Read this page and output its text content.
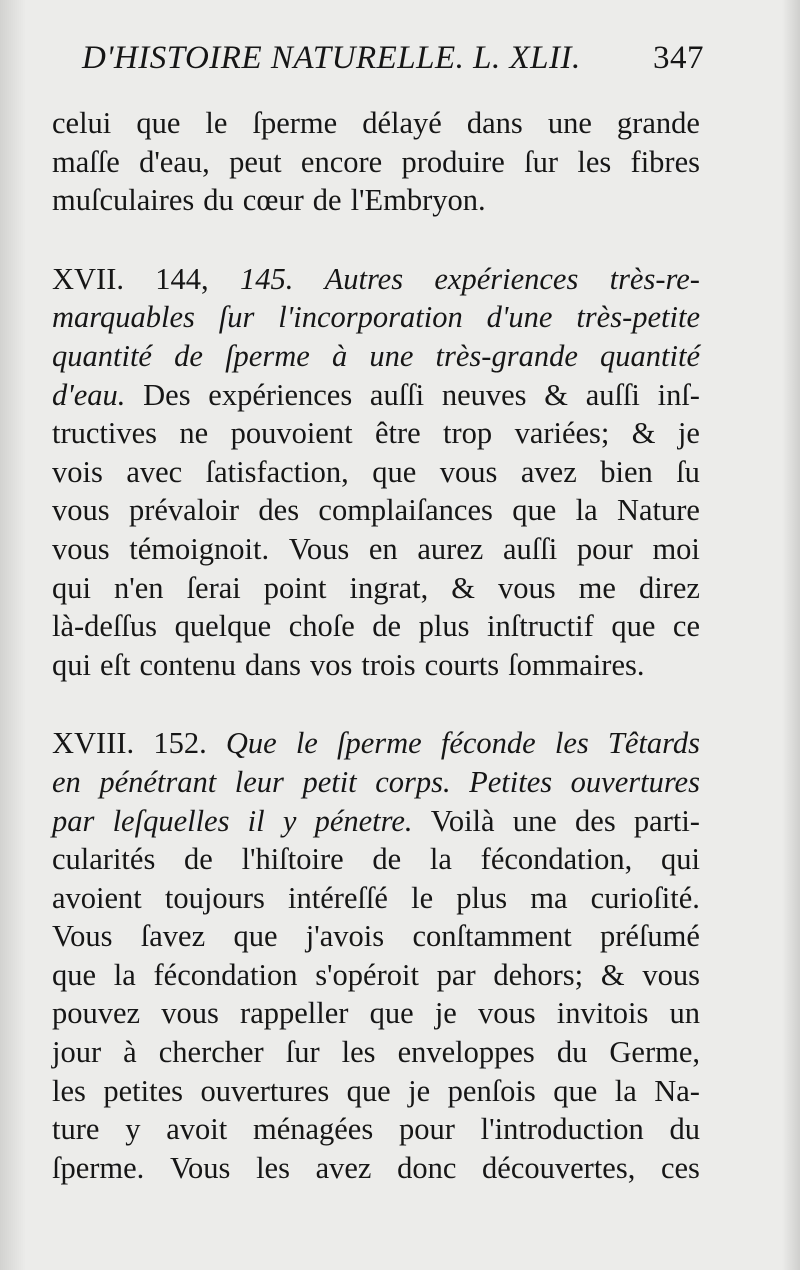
D'HISTOIRE NATURELLE. L. XLII. 347
celui que le ſperme délayé dans une grande
maſſe d'eau, peut encore produire ſur les fibres
muſculaires du cœur de l'Embryon.
XVII. 144, 145. Autres expériences très-re-
marquables ſur l'incorporation d'une très-petite
quantité de ſperme à une très-grande quantité
d'eau. Des expériences auſſi neuves & auſſi inſ-
tructives ne pouvoient être trop variées; & je
vois avec ſatisfaction, que vous avez bien ſu
vous prévaloir des complaiſances que la Nature
vous témoignoit. Vous en aurez auſſi pour moi
qui n'en ſerai point ingrat, & vous me direz
là-deſſus quelque choſe de plus inſtructif que ce
qui eſt contenu dans vos trois courts ſommaires.
XVIII. 152. Que le ſperme féconde les Têtards
en pénétrant leur petit corps. Petites ouvertures
par leſquelles il y pénetre. Voilà une des parti-
cularités de l'hiſtoire de la fécondation, qui
avoient toujours intéreſſé le plus ma curioſité.
Vous ſavez que j'avois conſtamment préſumé
que la fécondation s'opéroit par dehors; & vous
pouvez vous rappeller que je vous invitois un
jour à chercher ſur les enveloppes du Germe,
les petites ouvertures que je penſois que la Na-
ture y avoit ménagées pour l'introduction du
ſperme. Vous les avez donc découvertes, ces
